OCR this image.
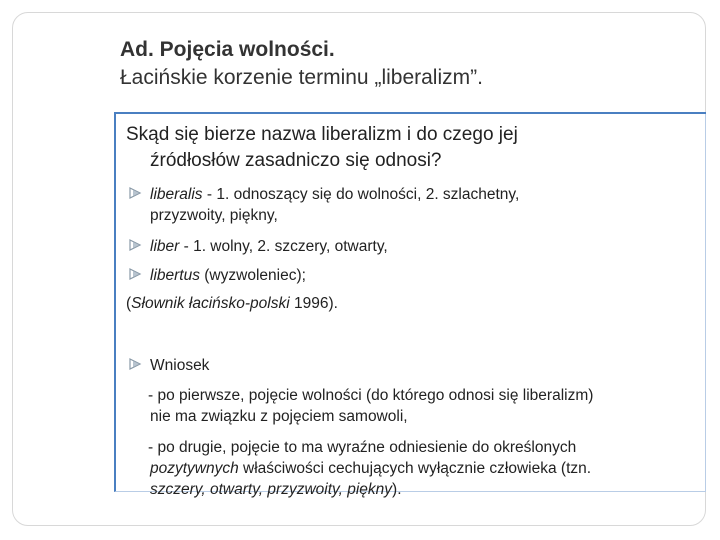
Ad. Pojęcia wolności.
Łacińskie korzenie terminu „liberalizm”.
Skąd się bierze nazwa liberalizm i do czego jej
źródłosłów zasadniczo się odnosi?
liberalis - 1. odnoszący się do wolności, 2. szlachetny,
przyzwoity, piękny,
liber - 1. wolny, 2. szczery, otwarty,
libertus (wyzwoleniec);
(Słownik łacińsko-polski 1996).
Wniosek
- po pierwsze, pojęcie wolności (do którego odnosi się liberalizm)
nie ma związku z pojęciem samowoli,
- po drugie, pojęcie to ma wyraźne odniesienie do określonych
pozytywnych właściwości cechujących wyłącznie człowieka (tzn.
szczery, otwarty, przyzwoity, piękny).
